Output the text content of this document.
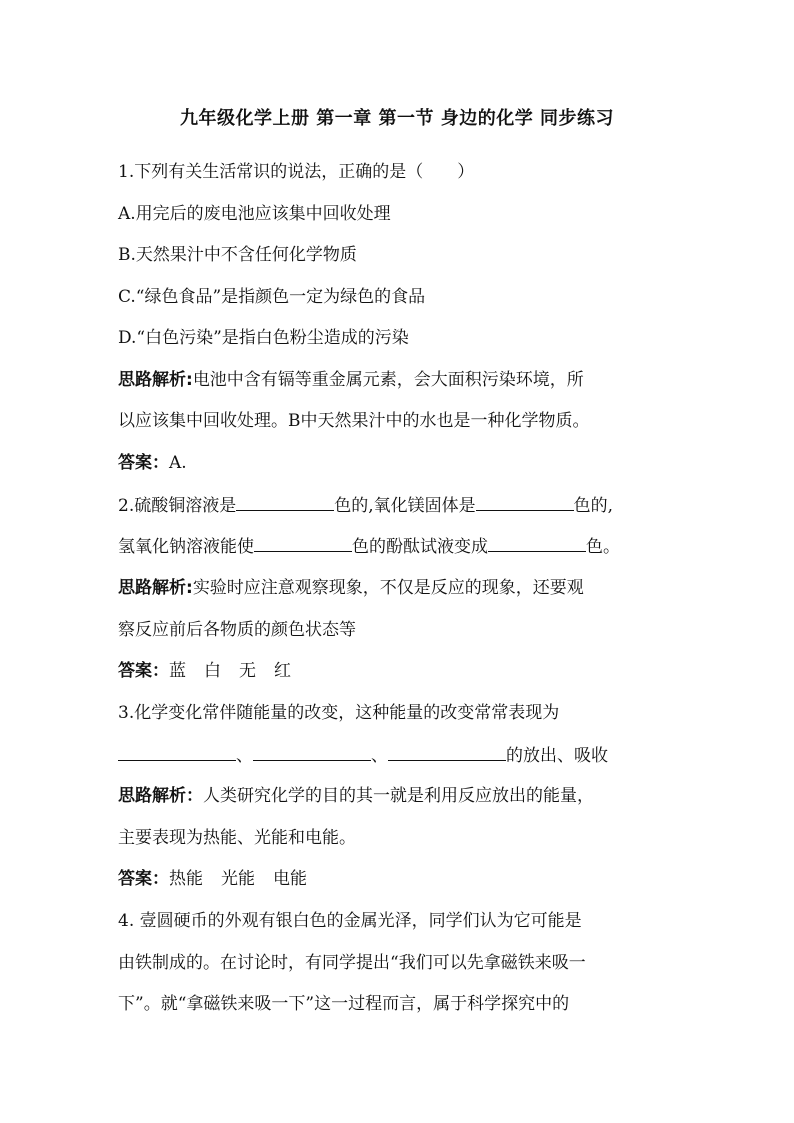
九年级化学上册 第一章 第一节 身边的化学 同步练习
1.下列有关生活常识的说法，正确的是（　　）
A.用完后的废电池应该集中回收处理
B.天然果汁中不含任何化学物质
C.“绿色食品”是指颜色一定为绿色的食品
D.“白色污染”是指白色粉尘造成的污染
思路解析:电池中含有镉等重金属元素，会大面积污染环境，所
以应该集中回收处理。B中天然果汁中的水也是一种化学物质。
答案：A.
2.硫酸铜溶液是	色的,氧化镁固体是	色的,
氢氧化钠溶液能使	色的酚酞试液变成	色。
思路解析:实验时应注意观察现象，不仅是反应的现象，还要观
察反应前后各物质的颜色状态等
答案：蓝 白 无 红
3.化学变化常伴随能量的改变，这种能量的改变常常表现为
、	、	的放出、吸收
思路解析：人类研究化学的目的其一就是利用反应放出的能量，
主要表现为热能、光能和电能。
答案：热能 光能 电能
4. 壹圆硬币的外观有银白色的金属光泽，同学们认为它可能是
由铁制成的。在讨论时，有同学提出“我们可以先拿磁铁来吸一
下”。就“拿磁铁来吸一下”这一过程而言，属于科学探究中的
